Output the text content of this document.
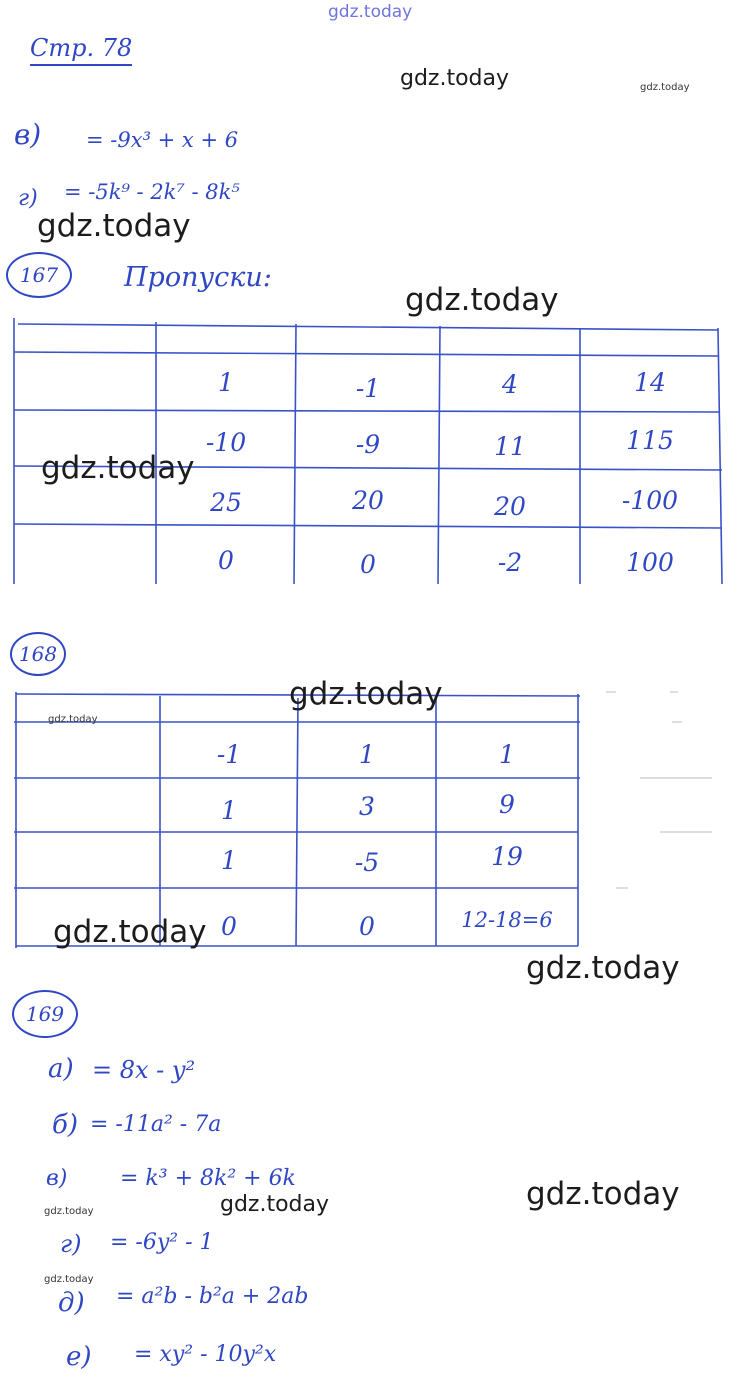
gdz.today
Стр. 78
gdz.today	gdz.today
в) = -9x³ + x + 6
г) = -5k⁹ - 2k⁷ - 8k⁵
gdz.today
167	Пропуски:
gdz.today
1	-1	4	14
-10	-9	11	115
25	20	20	-100
0	0	-2	100
gdz.today
168
gdz.today
gdz.today
-1	1	1
1	3	9
1	-5	19
0	0	12-18=6
gdz.today
gdz.today
169
а) = 8x - y²
б) = -11a² - 7a
в) = k³ + 8k² + 6k
gdz.today	gdz.today	gdz.today
г) = -6y² - 1
gdz.today
д) = a²b - b²a + 2ab
е) = xy² - 10y²x
